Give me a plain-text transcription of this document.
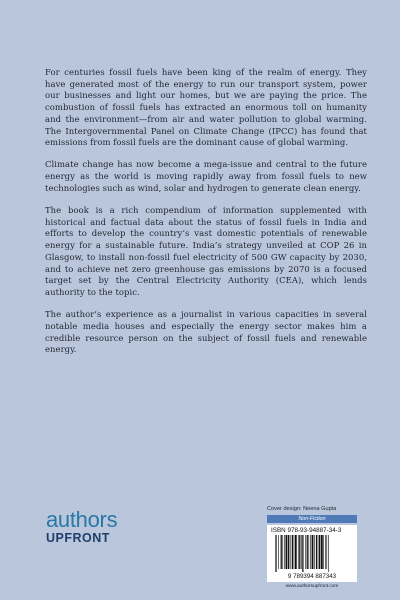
For centuries fossil fuels have been king of the realm of energy. They have generated most of the energy to run our transport system, power our businesses and light our homes, but we are paying the price. The combustion of fossil fuels has extracted an enormous toll on humanity and the environment—from air and water pollution to global warming. The Intergovernmental Panel on Climate Change (IPCC) has found that emissions from fossil fuels are the dominant cause of global warming.

Climate change has now become a mega-issue and central to the future energy as the world is moving rapidly away from fossil fuels to new technologies such as wind, solar and hydrogen to generate clean energy.

The book is a rich compendium of information supplemented with historical and factual data about the status of fossil fuels in India and efforts to develop the country’s vast domestic potentials of renewable energy for a sustainable future. India’s strategy unveiled at COP 26 in Glasgow, to install non-fossil fuel electricity of 500 GW capacity by 2030, and to achieve net zero greenhouse gas emissions by 2070 is a focused target set by the Central Electricity Authority (CEA), which lends authority to the topic.

The author’s experience as a journalist in various capacities in several notable media houses and especially the energy sector makes him a credible resource person on the subject of fossil fuels and renewable energy.

authors
UPFRONT
Cover design: Neena Gupta
Non-Fiction
ISBN 978-93-94887-34-3
9 789394 887343
www.authorsupfront.com
